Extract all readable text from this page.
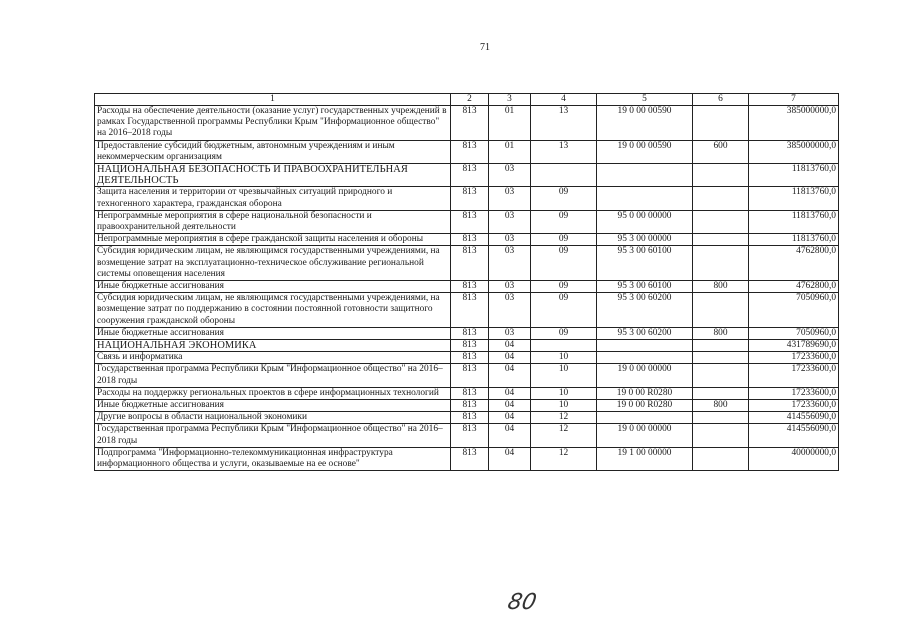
71
1	2	3	4	5	6	7
Расходы на обеспечение деятельности (оказание услуг) государственных учреждений в рамках Государственной программы Республики Крым "Информационное общество" на 2016–2018 годы	813	01	13	19 0 00 00590		385000000,0
Предоставление субсидий бюджетным, автономным учреждениям и иным некоммерческим организациям	813	01	13	19 0 00 00590	600	385000000,0
НАЦИОНАЛЬНАЯ БЕЗОПАСНОСТЬ И ПРАВООХРАНИТЕЛЬНАЯ ДЕЯТЕЛЬНОСТЬ	813	03				11813760,0
Защита населения и территории от чрезвычайных ситуаций природного и техногенного характера, гражданская оборона	813	03	09			11813760,0
Непрограммные мероприятия в сфере национальной безопасности и правоохранительной деятельности	813	03	09	95 0 00 00000		11813760,0
Непрограммные мероприятия в сфере гражданской защиты населения и обороны	813	03	09	95 3 00 00000		11813760,0
Субсидия юридическим лицам, не являющимся государственными учреждениями, на возмещение затрат на эксплуатационно-техническое обслуживание региональной системы оповещения населения	813	03	09	95 3 00 60100		4762800,0
Иные бюджетные ассигнования	813	03	09	95 3 00 60100	800	4762800,0
Субсидия юридическим лицам, не являющимся государственными учреждениями, на возмещение затрат по поддержанию в состоянии постоянной готовности защитного сооружения гражданской обороны	813	03	09	95 3 00 60200		7050960,0
Иные бюджетные ассигнования	813	03	09	95 3 00 60200	800	7050960,0
НАЦИОНАЛЬНАЯ ЭКОНОМИКА	813	04				431789690,0
Связь и информатика	813	04	10			17233600,0
Государственная программа Республики Крым "Информационное общество" на 2016–2018 годы	813	04	10	19 0 00 00000		17233600,0
Расходы на поддержку региональных проектов в сфере информационных технологий	813	04	10	19 0 00 R0280		17233600,0
Иные бюджетные ассигнования	813	04	10	19 0 00 R0280	800	17233600,0
Другие вопросы в области национальной экономики	813	04	12			414556090,0
Государственная программа Республики Крым "Информационное общество" на 2016–2018 годы	813	04	12	19 0 00 00000		414556090,0
Подпрограмма "Информационно-телекоммуникационная инфраструктура информационного общества и услуги, оказываемые на ее основе"	813	04	12	19 1 00 00000		40000000,0
80
